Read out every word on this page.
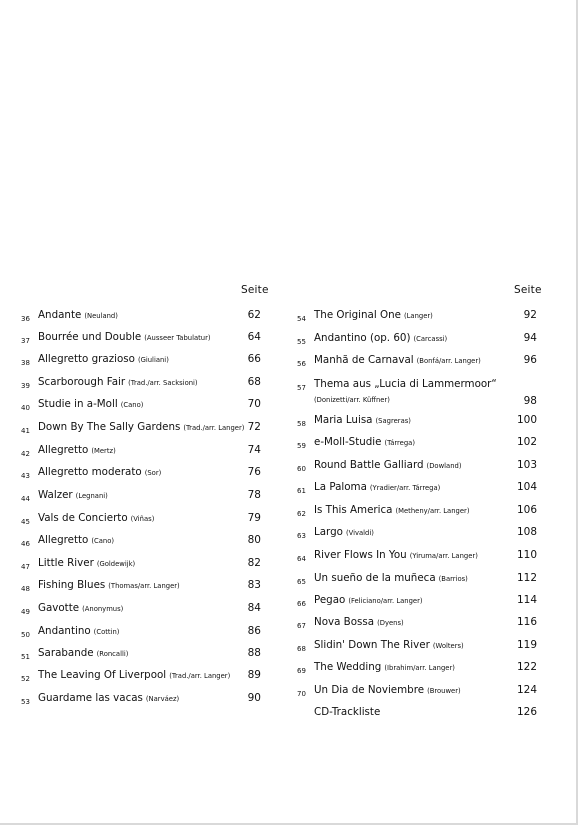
Seite
36 Andante (Neuland)	62
37 Bourrée und Double (Ausseer Tabulatur)	64
38 Allegretto grazioso (Giuliani)	66
39 Scarborough Fair (Trad./arr. Sacksioni)	68
40 Studie in a-Moll (Cano)	70
41 Down By The Sally Gardens (Trad./arr. Langer) 72
42 Allegretto (Mertz)	74
43 Allegretto moderato (Sor)	76
44 Walzer (Legnani)	78
45 Vals de Concierto (Viñas)	79
46 Allegretto (Cano)	80
47 Little River (Goldewijk)	82
48 Fishing Blues (Thomas/arr. Langer)	83
49 Gavotte (Anonymus)	84
50 Andantino (Cottin)	86
51 Sarabande (Roncalli)	88
52 The Leaving Of Liverpool (Trad./arr. Langer)	89
53 Guardame las vacas (Narváez)	90
Seite
54 The Original One (Langer)	92
55 Andantino (op. 60) (Carcassi)	94
56 Manhã de Carnaval (Bonfá/arr. Langer)	96
57 Thema aus „Lucia di Lammermoor“
(Donizetti/arr. Küffner)	98
58 Maria Luisa (Sagreras)	100
59 e-Moll-Studie (Tárrega)	102
60 Round Battle Galliard (Dowland)	103
61 La Paloma (Yradier/arr. Tárrega)	104
62 Is This America (Metheny/arr. Langer)	106
63 Largo (Vivaldi)	108
64 River Flows In You (Yiruma/arr. Langer)	110
65 Un sueño de la muñeca (Barrios)	112
66 Pegao (Feliciano/arr. Langer)	114
67 Nova Bossa (Dyens)	116
68 Slidin' Down The River (Wolters)	119
69 The Wedding (Ibrahim/arr. Langer)	122
70 Un Dia de Noviembre (Brouwer)	124
CD-Trackliste	126
